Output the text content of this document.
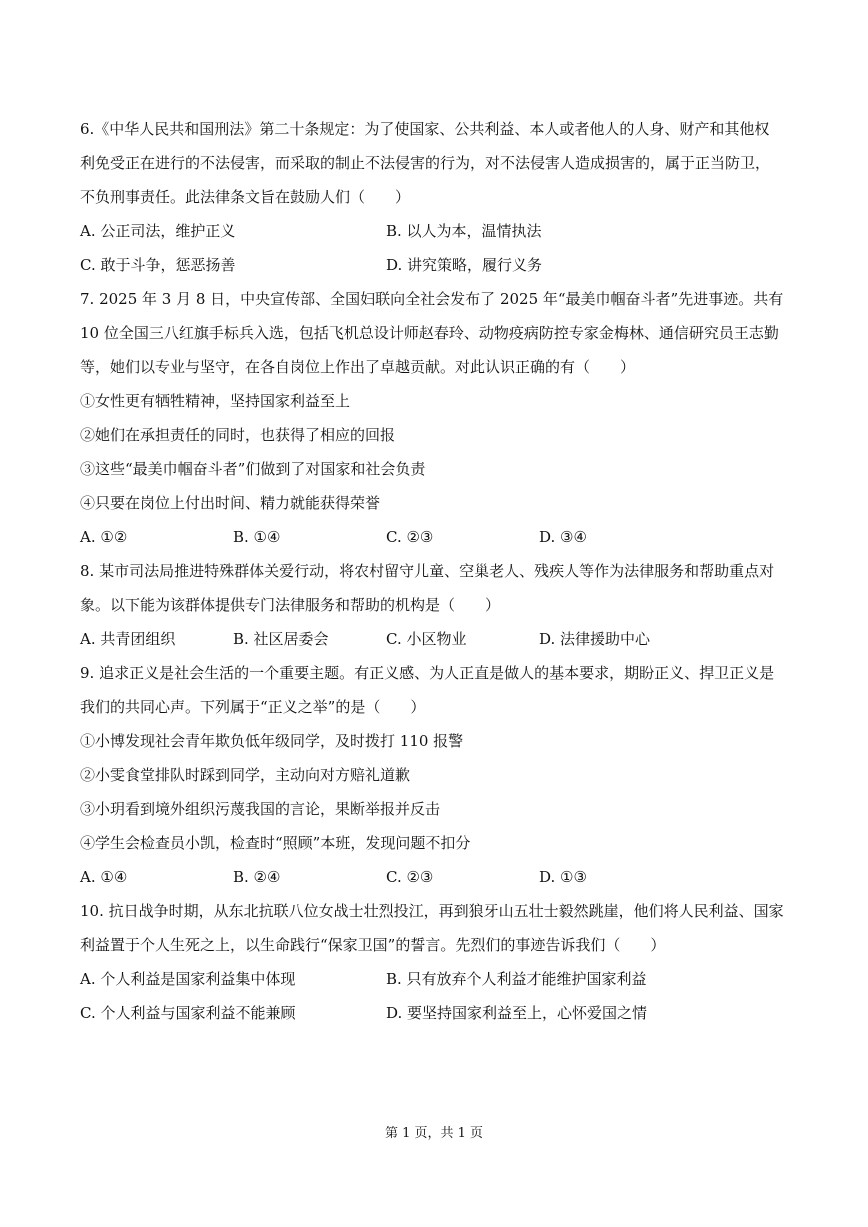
6.《中华人民共和国刑法》第二十条规定：为了使国家、公共利益、本人或者他人的人身、财产和其他权
利免受正在进行的不法侵害，而采取的制止不法侵害的行为，对不法侵害人造成损害的，属于正当防卫，
不负刑事责任。此法律条文旨在鼓励人们（　　）
A. 公正司法，维护正义	B. 以人为本，温情执法
C. 敢于斗争，惩恶扬善	D. 讲究策略，履行义务
7. 2025 年 3 月 8 日，中央宣传部、全国妇联向全社会发布了 2025 年“最美巾帼奋斗者”先进事迹。共有
10 位全国三八红旗手标兵入选，包括飞机总设计师赵春玲、动物疫病防控专家金梅林、通信研究员王志勤
等，她们以专业与坚守，在各自岗位上作出了卓越贡献。对此认识正确的有（　　）
①女性更有牺牲精神，坚持国家利益至上
②她们在承担责任的同时，也获得了相应的回报
③这些“最美巾帼奋斗者”们做到了对国家和社会负责
④只要在岗位上付出时间、精力就能获得荣誉
A. ①②	B. ①④	C. ②③	D. ③④
8. 某市司法局推进特殊群体关爱行动，将农村留守儿童、空巢老人、残疾人等作为法律服务和帮助重点对
象。以下能为该群体提供专门法律服务和帮助的机构是（　　）
A. 共青团组织	B. 社区居委会	C. 小区物业	D. 法律援助中心
9. 追求正义是社会生活的一个重要主题。有正义感、为人正直是做人的基本要求，期盼正义、捍卫正义是
我们的共同心声。下列属于“正义之举”的是（　　）
①小博发现社会青年欺负低年级同学，及时拨打 110 报警
②小雯食堂排队时踩到同学，主动向对方赔礼道歉
③小玥看到境外组织污蔑我国的言论，果断举报并反击
④学生会检查员小凯，检查时“照顾”本班，发现问题不扣分
A. ①④	B. ②④	C. ②③	D. ①③
10. 抗日战争时期，从东北抗联八位女战士壮烈投江，再到狼牙山五壮士毅然跳崖，他们将人民利益、国家
利益置于个人生死之上，以生命践行“保家卫国”的誓言。先烈们的事迹告诉我们（　　）
A. 个人利益是国家利益集中体现	B. 只有放弃个人利益才能维护国家利益
C. 个人利益与国家利益不能兼顾	D. 要坚持国家利益至上，心怀爱国之情
第 1 页，共 1 页
